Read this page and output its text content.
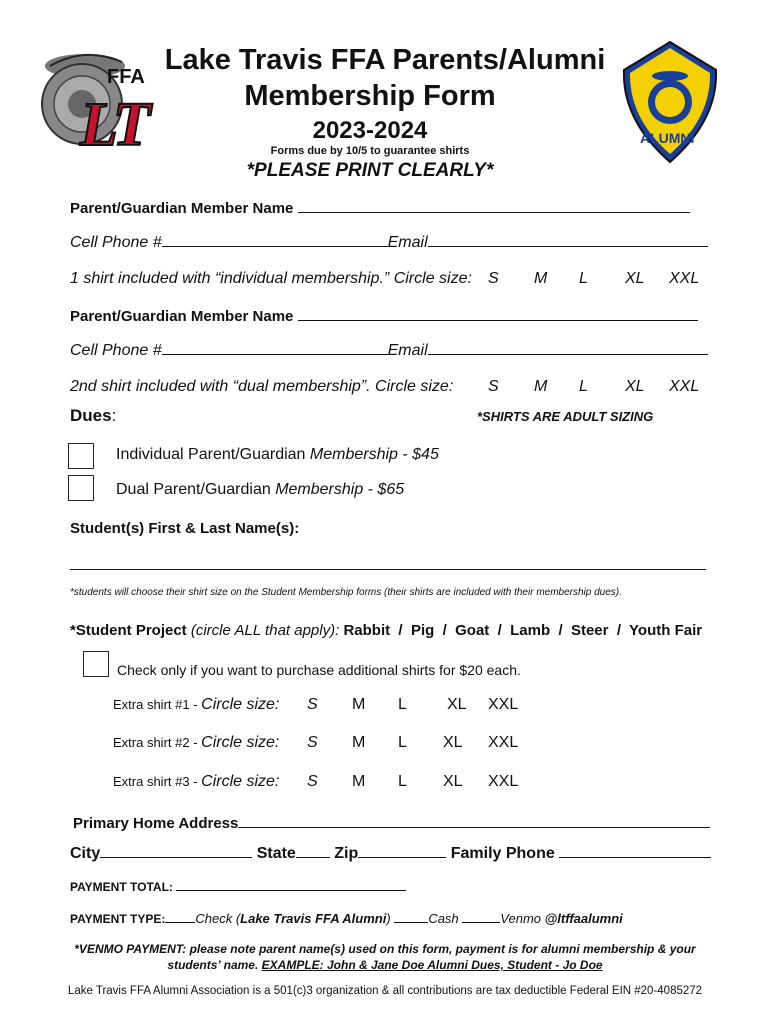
FFA
LT	ALUMNI
Lake Travis FFA Parents/Alumni
Membership Form
2023-2024
Forms due by 10/5 to guarantee shirts
*PLEASE PRINT CLEARLY*
Parent/Guardian Member Name
Cell Phone #	Email
1 shirt included with “individual membership.” Circle size: S M L XL XXL
Parent/Guardian Member Name
Cell Phone #	Email
2nd shirt included with “dual membership”. Circle size: S M L XL XXL
Dues:	*SHIRTS ARE ADULT SIZING
Individual Parent/Guardian Membership - $45
Dual Parent/Guardian Membership - $65
Student(s) First & Last Name(s):
*students will choose their shirt size on the Student Membership forms (their shirts are included with their membership dues).
*Student Project (circle ALL that apply): Rabbit  /  Pig  /  Goat  /  Lamb  /  Steer  /  Youth Fair
Check only if you want to purchase additional shirts for $20 each.
Extra shirt #1 - Circle size: S M L	XL XXL
Extra shirt #2 - Circle size: S M L XL XXL
Extra shirt #3 - Circle size: S M L XL XXL
Primary Home Address
City	State Zip	Family Phone
PAYMENT TOTAL:
PAYMENT TYPE: Check (Lake Travis FFA Alumni)	Cash	Venmo @ltffaalumni
*VENMO PAYMENT: please note parent name(s) used on this form, payment is for alumni membership & your
students’ name. EXAMPLE: John & Jane Doe Alumni Dues, Student - Jo Doe
Lake Travis FFA Alumni Association is a 501(c)3 organization & all contributions are tax deductible Federal EIN #20-4085272
